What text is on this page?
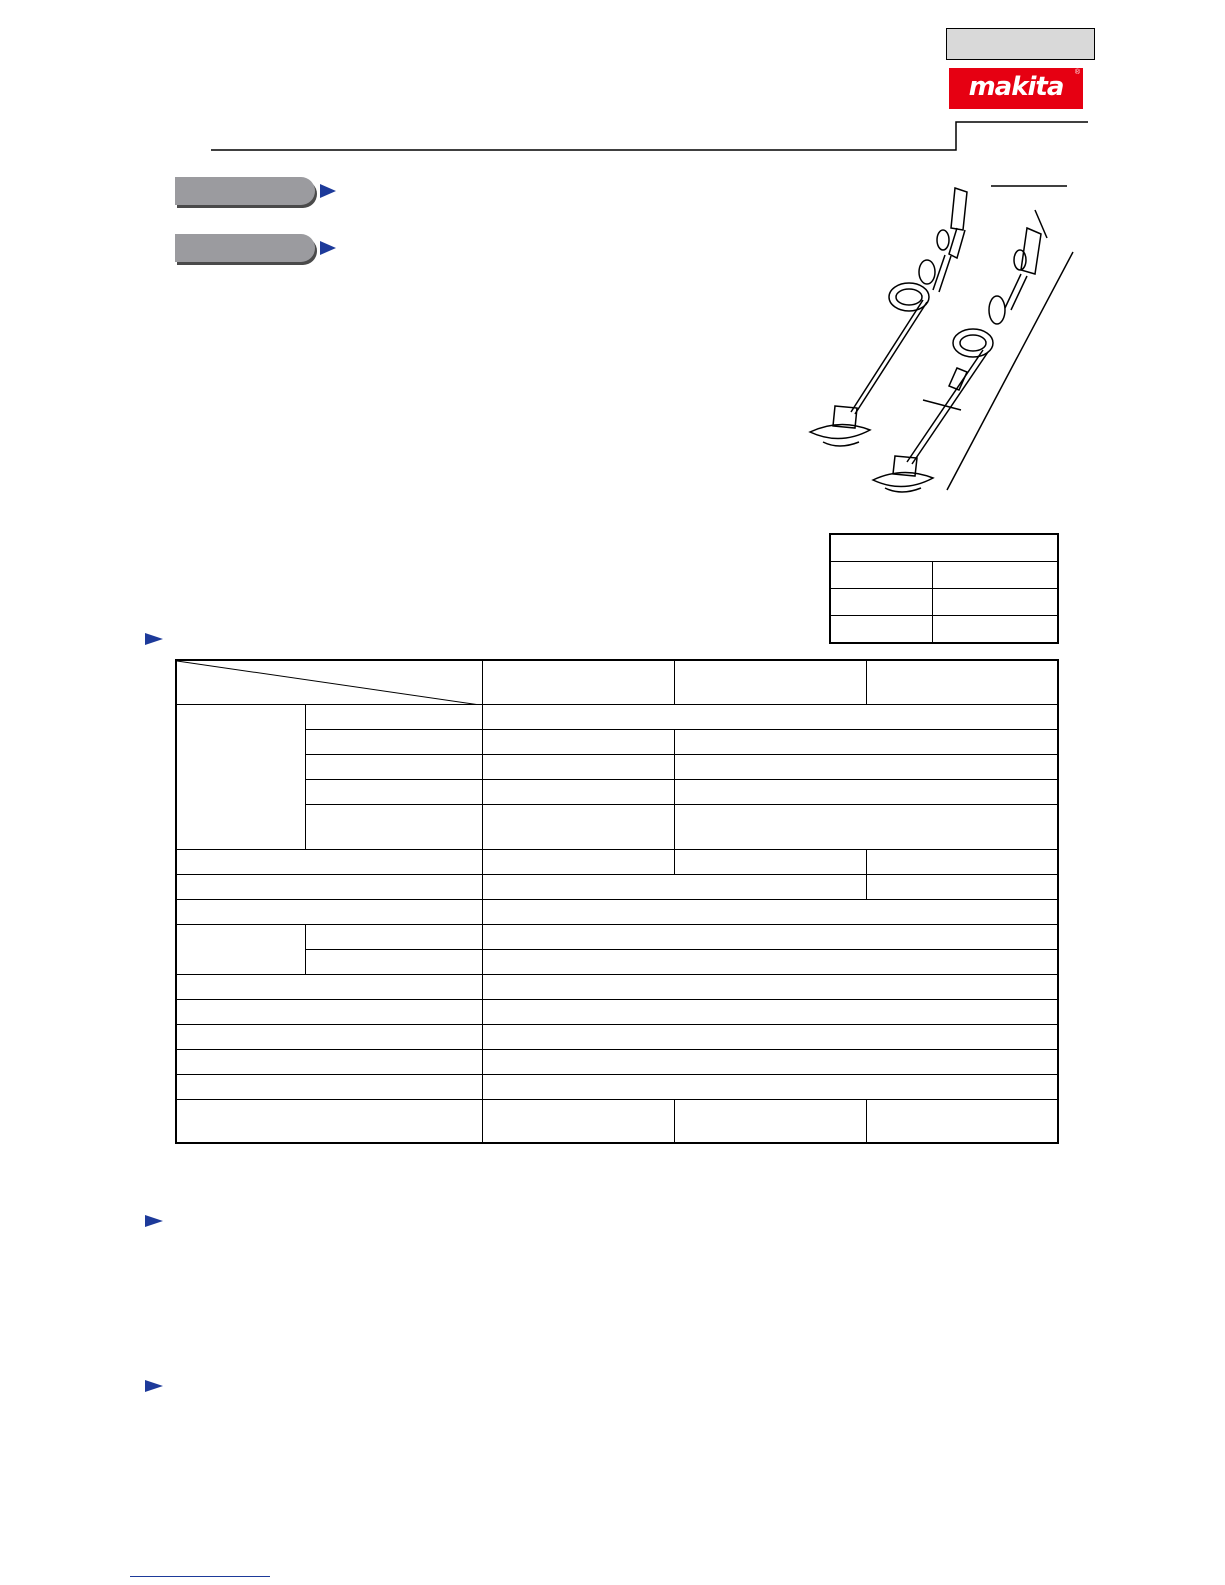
makita	®
